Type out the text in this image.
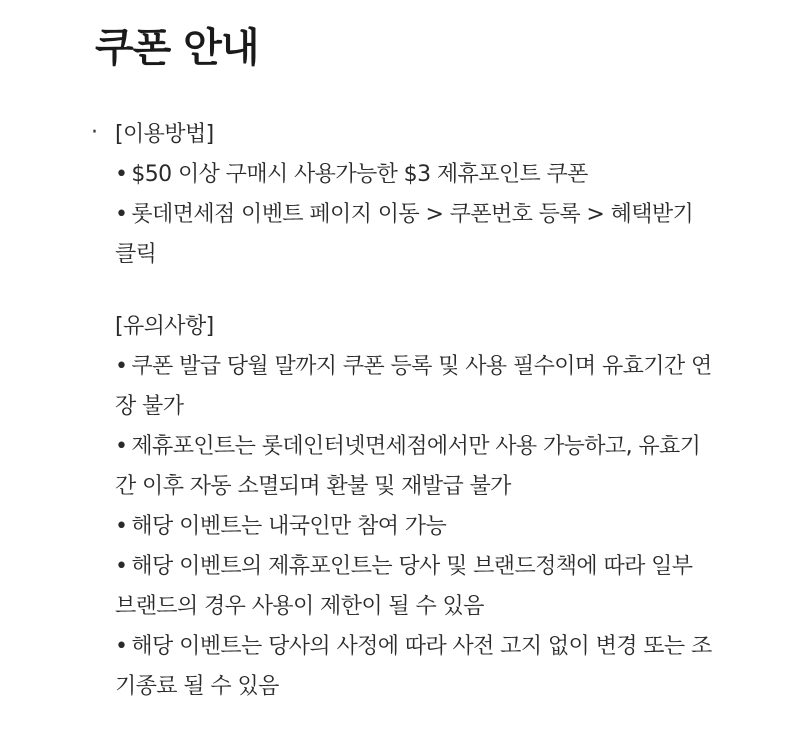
쿠폰 안내
· [이용방법]
• $50 이상 구매시 사용가능한 $3 제휴포인트 쿠폰
• 롯데면세점 이벤트 페이지 이동 > 쿠폰번호 등록 > 혜택받기 클릭
[유의사항]
• 쿠폰 발급 당월 말까지 쿠폰 등록 및 사용 필수이며 유효기간 연장 불가
• 제휴포인트는 롯데인터넷면세점에서만 사용 가능하고, 유효기간 이후 자동 소멸되며 환불 및 재발급 불가
• 해당 이벤트는 내국인만 참여 가능
• 해당 이벤트의 제휴포인트는 당사 및 브랜드정책에 따라 일부 브랜드의 경우 사용이 제한이 될 수 있음
• 해당 이벤트는 당사의 사정에 따라 사전 고지 없이 변경 또는 조기종료 될 수 있음
